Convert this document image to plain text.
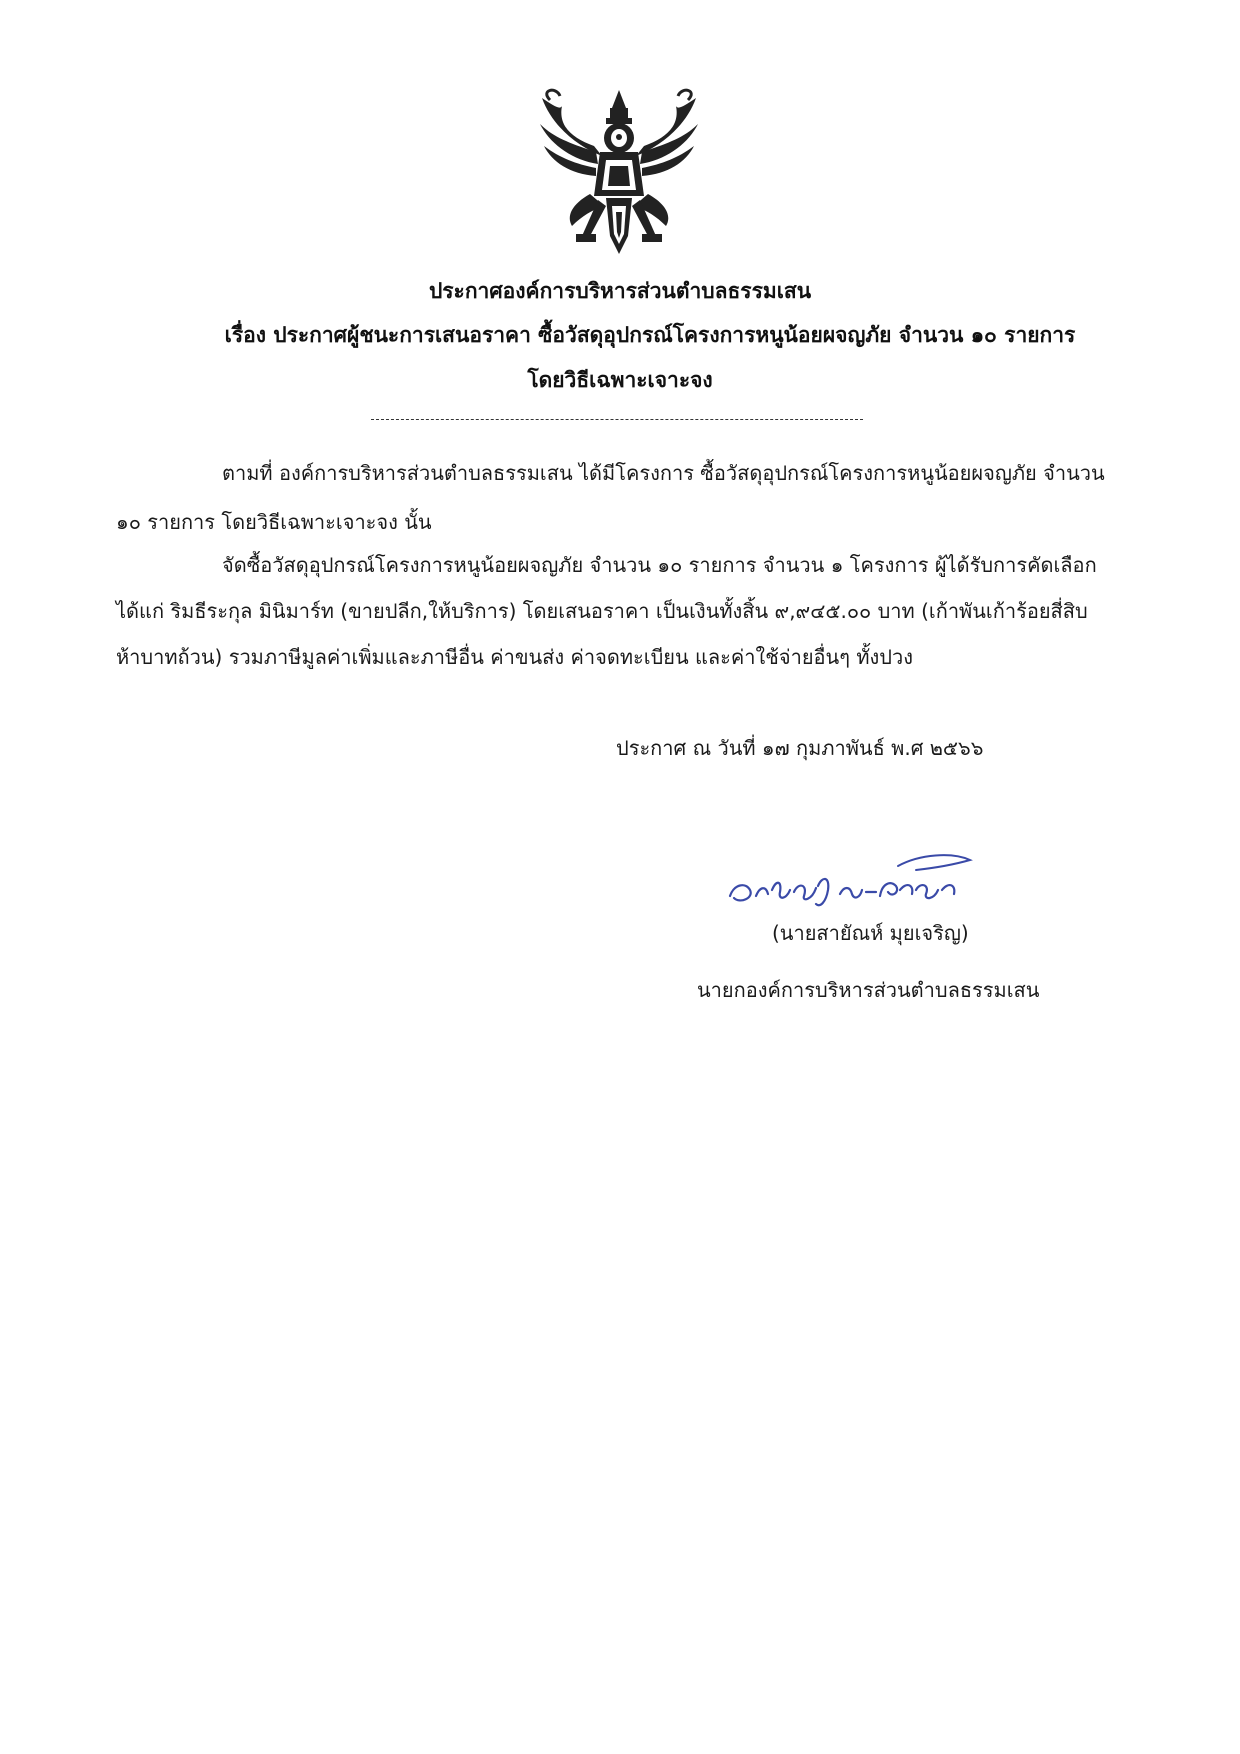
ประกาศองค์การบริหารส่วนตำบลธรรมเสน
เรื่อง ประกาศผู้ชนะการเสนอราคา ซื้อวัสดุอุปกรณ์โครงการหนูน้อยผจญภัย จำนวน ๑๐ รายการ
โดยวิธีเฉพาะเจาะจง
ตามที่ องค์การบริหารส่วนตำบลธรรมเสน ได้มีโครงการ ซื้อวัสดุอุปกรณ์โครงการหนูน้อยผจญภัย จำนวน
๑๐ รายการ โดยวิธีเฉพาะเจาะจง นั้น
จัดซื้อวัสดุอุปกรณ์โครงการหนูน้อยผจญภัย จำนวน ๑๐ รายการ จำนวน ๑ โครงการ ผู้ได้รับการคัดเลือก
ได้แก่ ริมธีระกุล มินิมาร์ท (ขายปลีก,ให้บริการ) โดยเสนอราคา เป็นเงินทั้งสิ้น ๙,๙๔๕.๐๐ บาท (เก้าพันเก้าร้อยสี่สิบ
ห้าบาทถ้วน) รวมภาษีมูลค่าเพิ่มและภาษีอื่น ค่าขนส่ง ค่าจดทะเบียน และค่าใช้จ่ายอื่นๆ ทั้งปวง
ประกาศ ณ วันที่ ๑๗ กุมภาพันธ์ พ.ศ ๒๕๖๖
(นายสายัณห์ มุยเจริญ)
นายกองค์การบริหารส่วนตำบลธรรมเสน
